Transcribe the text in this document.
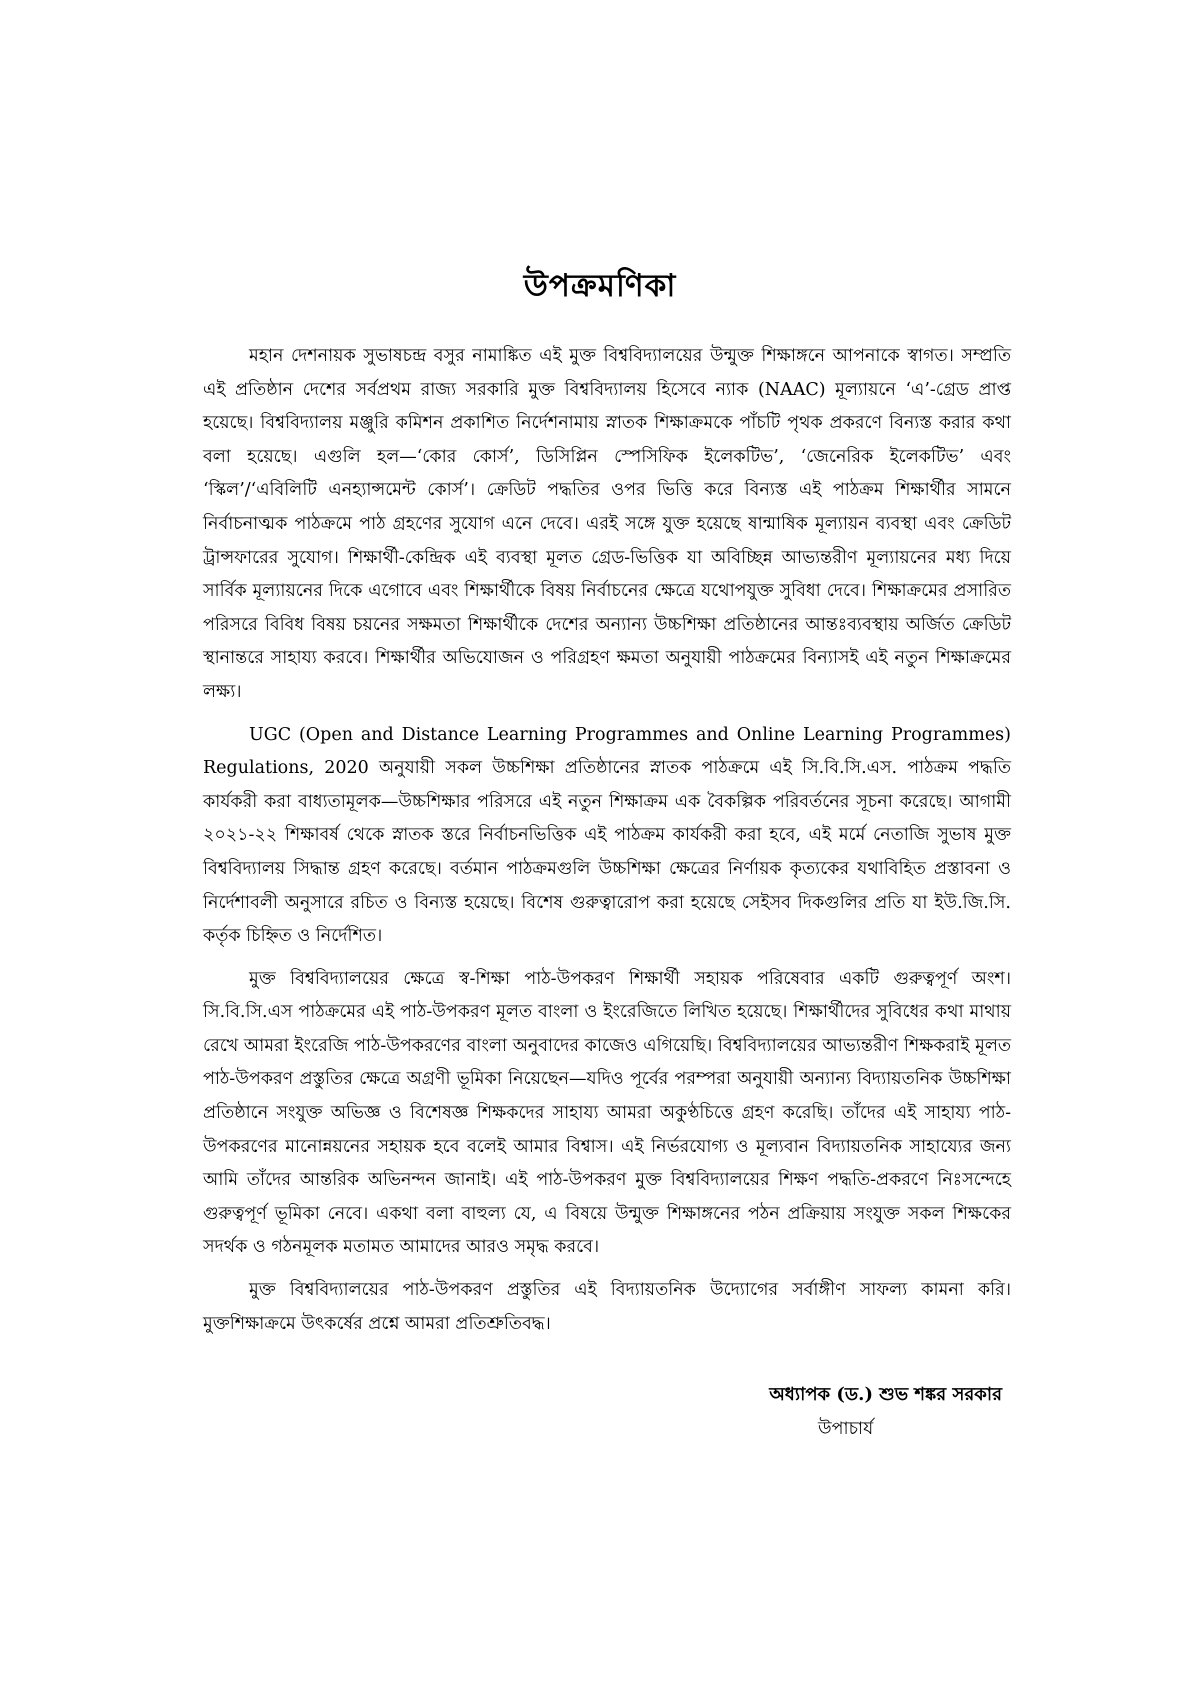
উপক্রমণিকা

মহান দেশনায়ক সুভাষচন্দ্র বসুর নামাঙ্কিত এই মুক্ত বিশ্ববিদ্যালয়ের উন্মুক্ত শিক্ষাঙ্গনে আপনাকে স্বাগত। সম্প্রতি এই প্রতিষ্ঠান দেশের সর্বপ্রথম রাজ্য সরকারি মুক্ত বিশ্ববিদ্যালয় হিসেবে ন্যাক (NAAC) মূল্যায়নে ‘এ’-গ্রেড প্রাপ্ত হয়েছে। বিশ্ববিদ্যালয় মঞ্জুরি কমিশন প্রকাশিত নির্দেশনামায় স্নাতক শিক্ষাক্রমকে পাঁচটি পৃথক প্রকরণে বিন্যস্ত করার কথা বলা হয়েছে। এগুলি হল—‘কোর কোর্স’, ডিসিপ্লিন স্পেসিফিক ইলেকটিভ’, ‘জেনেরিক ইলেকটিভ’ এবং ‘স্কিল’/‘এবিলিটি এনহ্যান্সমেন্ট কোর্স’। ক্রেডিট পদ্ধতির ওপর ভিত্তি করে বিন্যস্ত এই পাঠক্রম শিক্ষার্থীর সামনে নির্বাচনাত্মক পাঠক্রমে পাঠ গ্রহণের সুযোগ এনে দেবে। এরই সঙ্গে যুক্ত হয়েছে ষান্মাষিক মূল্যায়ন ব্যবস্থা এবং ক্রেডিট ট্রান্সফারের সুযোগ। শিক্ষার্থী-কেন্দ্রিক এই ব্যবস্থা মূলত গ্রেড-ভিত্তিক যা অবিচ্ছিন্ন আভ্যন্তরীণ মূল্যায়নের মধ্য দিয়ে সার্বিক মূল্যায়নের দিকে এগোবে এবং শিক্ষার্থীকে বিষয় নির্বাচনের ক্ষেত্রে যথোপযুক্ত সুবিধা দেবে। শিক্ষাক্রমের প্রসারিত পরিসরে বিবিধ বিষয় চয়নের সক্ষমতা শিক্ষার্থীকে দেশের অন্যান্য উচ্চশিক্ষা প্রতিষ্ঠানের আন্তঃব্যবস্থায় অর্জিত ক্রেডিট স্থানান্তরে সাহায্য করবে। শিক্ষার্থীর অভিযোজন ও পরিগ্রহণ ক্ষমতা অনুযায়ী পাঠক্রমের বিন্যাসই এই নতুন শিক্ষাক্রমের লক্ষ্য।

UGC (Open and Distance Learning Programmes and Online Learning Programmes) Regulations, 2020 অনুযায়ী সকল উচ্চশিক্ষা প্রতিষ্ঠানের স্নাতক পাঠক্রমে এই সি.বি.সি.এস. পাঠক্রম পদ্ধতি কার্যকরী করা বাধ্যতামূলক—উচ্চশিক্ষার পরিসরে এই নতুন শিক্ষাক্রম এক বৈকল্পিক পরিবর্তনের সূচনা করেছে। আগামী ২০২১-২২ শিক্ষাবর্ষ থেকে স্নাতক স্তরে নির্বাচনভিত্তিক এই পাঠক্রম কার্যকরী করা হবে, এই মর্মে নেতাজি সুভাষ মুক্ত বিশ্ববিদ্যালয় সিদ্ধান্ত গ্রহণ করেছে। বর্তমান পাঠক্রমগুলি উচ্চশিক্ষা ক্ষেত্রের নির্ণায়ক কৃত্যকের যথাবিহিত প্রস্তাবনা ও নির্দেশাবলী অনুসারে রচিত ও বিন্যস্ত হয়েছে। বিশেষ গুরুত্বারোপ করা হয়েছে সেইসব দিকগুলির প্রতি যা ইউ.জি.সি. কর্তৃক চিহ্নিত ও নির্দেশিত।

মুক্ত বিশ্ববিদ্যালয়ের ক্ষেত্রে স্ব-শিক্ষা পাঠ-উপকরণ শিক্ষার্থী সহায়ক পরিষেবার একটি গুরুত্বপূর্ণ অংশ। সি.বি.সি.এস পাঠক্রমের এই পাঠ-উপকরণ মূলত বাংলা ও ইংরেজিতে লিখিত হয়েছে। শিক্ষার্থীদের সুবিধের কথা মাথায় রেখে আমরা ইংরেজি পাঠ-উপকরণের বাংলা অনুবাদের কাজেও এগিয়েছি। বিশ্ববিদ্যালয়ের আভ্যন্তরীণ শিক্ষকরাই মূলত পাঠ-উপকরণ প্রস্তুতির ক্ষেত্রে অগ্রণী ভূমিকা নিয়েছেন—যদিও পূর্বের পরম্পরা অনুযায়ী অন্যান্য বিদ্যায়তনিক উচ্চশিক্ষা প্রতিষ্ঠানে সংযুক্ত অভিজ্ঞ ও বিশেষজ্ঞ শিক্ষকদের সাহায্য আমরা অকুণ্ঠচিত্তে গ্রহণ করেছি। তাঁদের এই সাহায্য পাঠ-উপকরণের মানোন্নয়নের সহায়ক হবে বলেই আমার বিশ্বাস। এই নির্ভরযোগ্য ও মূল্যবান বিদ্যায়তনিক সাহায্যের জন্য আমি তাঁদের আন্তরিক অভিনন্দন জানাই। এই পাঠ-উপকরণ মুক্ত বিশ্ববিদ্যালয়ের শিক্ষণ পদ্ধতি-প্রকরণে নিঃসন্দেহে গুরুত্বপূর্ণ ভূমিকা নেবে। একথা বলা বাহুল্য যে, এ বিষয়ে উন্মুক্ত শিক্ষাঙ্গনের পঠন প্রক্রিয়ায় সংযুক্ত সকল শিক্ষকের সদর্থক ও গঠনমূলক মতামত আমাদের আরও সমৃদ্ধ করবে।

মুক্ত বিশ্ববিদ্যালয়ের পাঠ-উপকরণ প্রস্তুতির এই বিদ্যায়তনিক উদ্যোগের সর্বাঙ্গীণ সাফল্য কামনা করি। মুক্তশিক্ষাক্রমে উৎকর্ষের প্রশ্নে আমরা প্রতিশ্রুতিবদ্ধ।

অধ্যাপক (ড.) শুভ শঙ্কর সরকার

উপাচার্য
